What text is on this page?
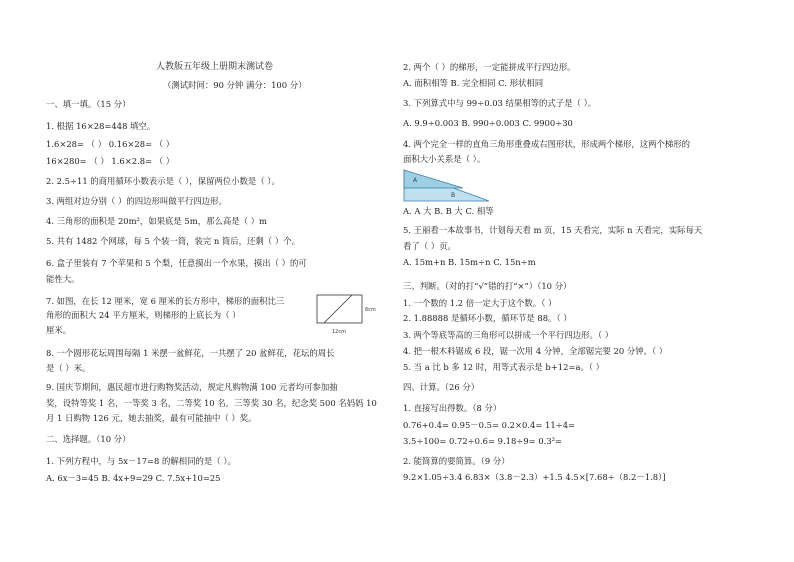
人教版五年级上册期末测试卷
（测试时间：90 分钟 满分：100 分）
一、填一填。（15 分）
1. 根据 16×28=448 填空。
1.6×28= （ ） 0.16×28= （ ）
16×280= （ ） 1.6×2.8= （ ）
2. 2.5÷11 的商用循环小数表示是（ ），保留两位小数是（ ）。
3. 两组对边分别（ ）的四边形叫做平行四边形。
4. 三角形的面积是 20m²，如果底是 5m，那么高是（ ）m
5. 共有 1482 个网球，每 5 个装一筒，装完 n 筒后，还剩（ ）个。
6. 盒子里装有 7 个苹果和 5 个梨，任意摸出一个水果，摸出（ ）的可
能性大。
7. 如图，在长 12 厘米，宽 6 厘米的长方形中，梯形的面积比三
角形的面积大 24 平方厘米，则梯形的上底长为（ ）
厘米。
6cm
12cm
8. 一个圆形花坛周围每隔 1 米摆一盆鲜花，一共摆了 20 盆鲜花，花坛的周长
是（ ）米。
9. 国庆节期间，惠民超市进行购物奖活动，规定凡购物满 100 元者均可参加抽
奖，设特等奖 1 名，一等奖 3 名，二等奖 10 名，三等奖 30 名，纪念奖 500 名妈妈 10
月 1 日购物 126 元，她去抽奖，最有可能抽中（ ）奖。
二、选择题。（10 分）
1. 下列方程中，与 5x－17=8 的解相同的是（ ）。
A. 6x－3=45 B. 4x+9=29 C. 7.5x+10=25
2. 两个（ ）的梯形，一定能拼成平行四边形。
A. 面积相等 B. 完全相同 C. 形状相同
3. 下列算式中与 99÷0.03 结果相等的式子是（ ）。
A. 9.9÷0.003 B. 990÷0.003 C. 9900÷30
4. 两个完全一样的直角三角形重叠成右图形状，形成两个梯形，这两个梯形的
面积大小关系是（ ）。
A
B
A. A 大 B. B 大 C. 相等
5. 王丽看一本故事书，计划每天看 m 页，15 天看完，实际 n 天看完，实际每天
看了（ ）页。
A. 15m+n B. 15m÷n C. 15n÷m
三、判断。（对的打“√”错的打“×”）（10 分）
1. 一个数的 1.2 倍一定大于这个数。（ ）
2. 1.88888 是循环小数，循环节是 88。（ ）
3. 两个等底等高的三角形可以拼成一个平行四边形。（ ）
4. 把一根木料锯成 6 段，锯一次用 4 分钟，全部锯完要 20 分钟。（ ）
5. 当 a 比 b 多 12 时，用等式表示是 b+12=a。（ ）
四、计算。（26 分）
1. 直接写出得数。（8 分）
0.76+0.4= 0.95－0.5= 0.2×0.4= 11÷4=
3.5÷100= 0.72÷0.6= 9.18÷9= 0.3²=
2. 能简算的要简算。（9 分）
9.2×1.05÷3.4 6.83×（3.8－2.3）+1.5 4.5×[7.68÷（8.2－1.8）]
